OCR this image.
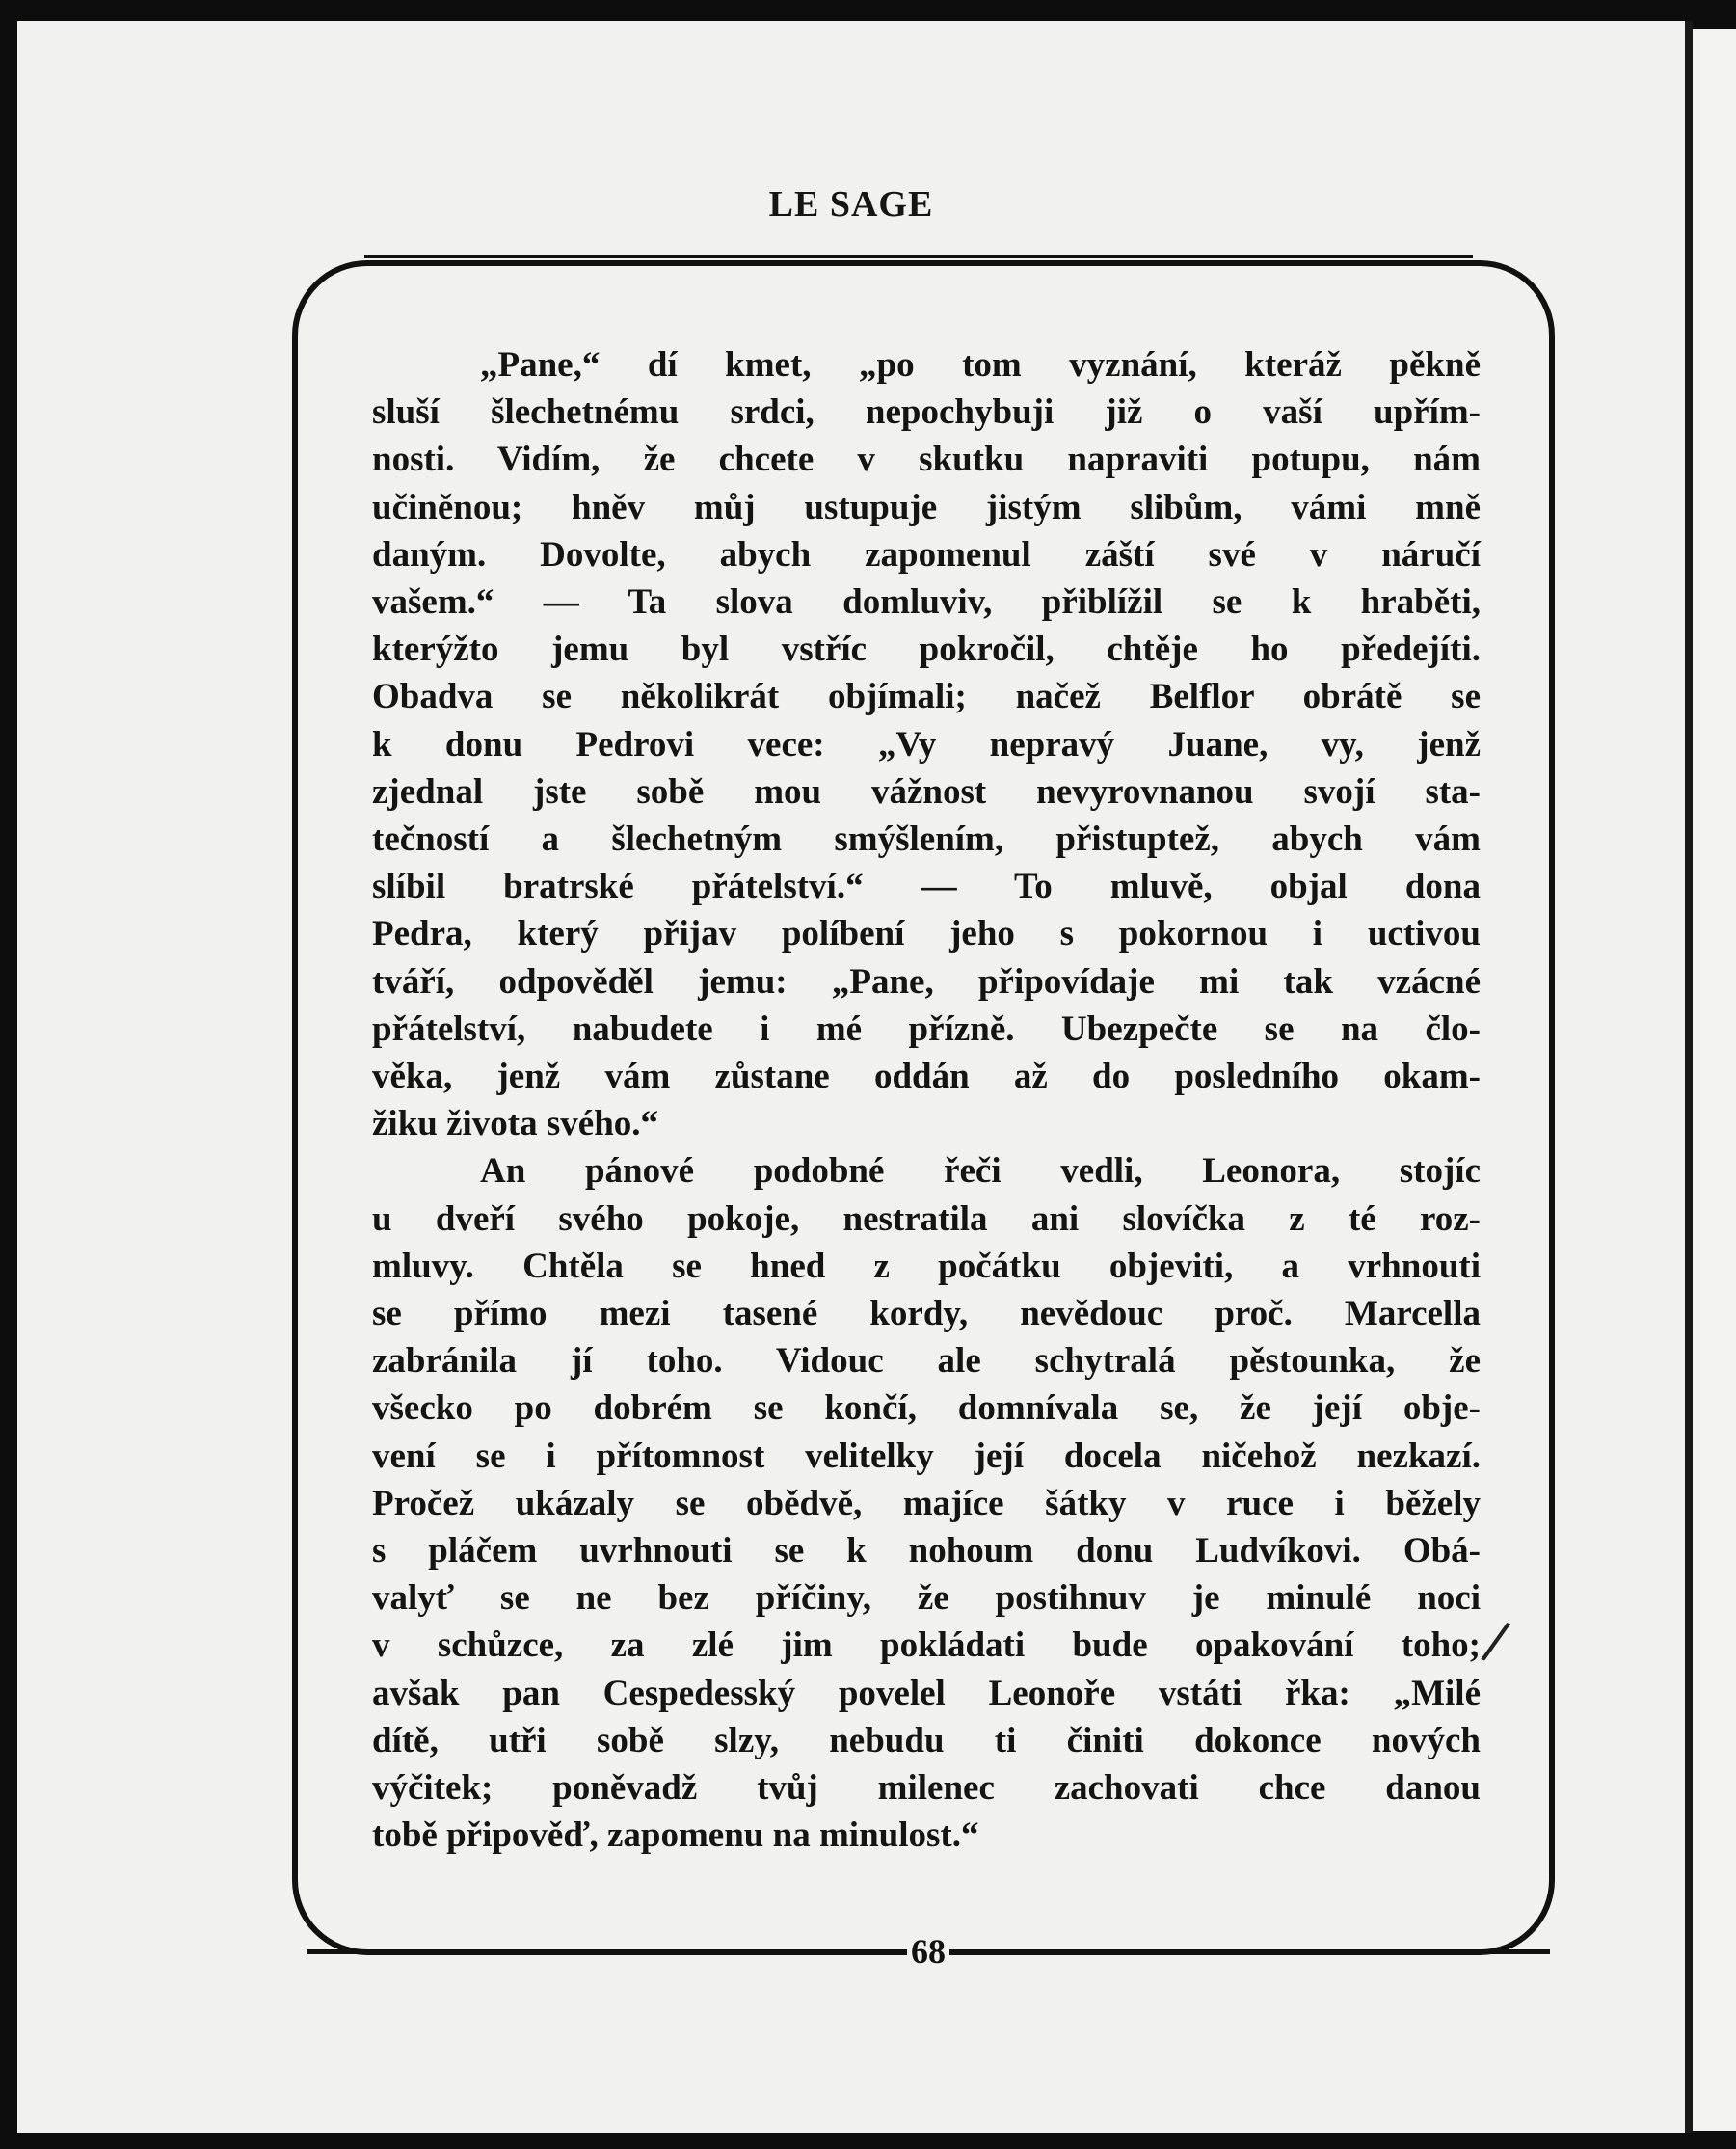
LE SAGE
„Pane,“ dí kmet, „po tom vyznání, kteráž pěkně
sluší šlechetnému srdci, nepochybuji již o vaší upřím-
nosti. Vidím, že chcete v skutku napraviti potupu, nám
učiněnou; hněv můj ustupuje jistým slibům, vámi mně
daným. Dovolte, abych zapomenul záští své v náručí
vašem.“ — Ta slova domluviv, přiblížil se k hraběti,
kterýžto jemu byl vstříc pokročil, chtěje ho předejíti.
Obadva se několikrát objímali; načež Belflor obrátě se
k donu Pedrovi vece: „Vy nepravý Juane, vy, jenž
zjednal jste sobě mou vážnost nevyrovnanou svojí sta-
tečností a šlechetným smýšlením, přistuptež, abych vám
slíbil bratrské přátelství.“ — To mluvě, objal dona
Pedra, který přijav políbení jeho s pokornou i uctivou
tváří, odpověděl jemu: „Pane, připovídaje mi tak vzácné
přátelství, nabudete i mé přízně. Ubezpečte se na člo-
věka, jenž vám zůstane oddán až do posledního okam-
žiku života svého.“
An pánové podobné řeči vedli, Leonora, stojíc
u dveří svého pokoje, nestratila ani slovíčka z té roz-
mluvy. Chtěla se hned z počátku objeviti, a vrhnouti
se přímo mezi tasené kordy, nevědouc proč. Marcella
zabránila jí toho. Vidouc ale schytralá pěstounka, že
všecko po dobrém se končí, domnívala se, že její obje-
vení se i přítomnost velitelky její docela ničehož nezkazí.
Pročež ukázaly se obědvě, majíce šátky v ruce i běžely
s pláčem uvrhnouti se k nohoum donu Ludvíkovi. Obá-
valyť se ne bez příčiny, že postihnuv je minulé noci
v schůzce, za zlé jim pokládati bude opakování toho;
avšak pan Cespedesský povelel Leonoře vstáti řka: „Milé
dítě, utři sobě slzy, nebudu ti činiti dokonce nových
výčitek; poněvadž tvůj milenec zachovati chce danou
tobě připověď, zapomenu na minulost.“
/
68
